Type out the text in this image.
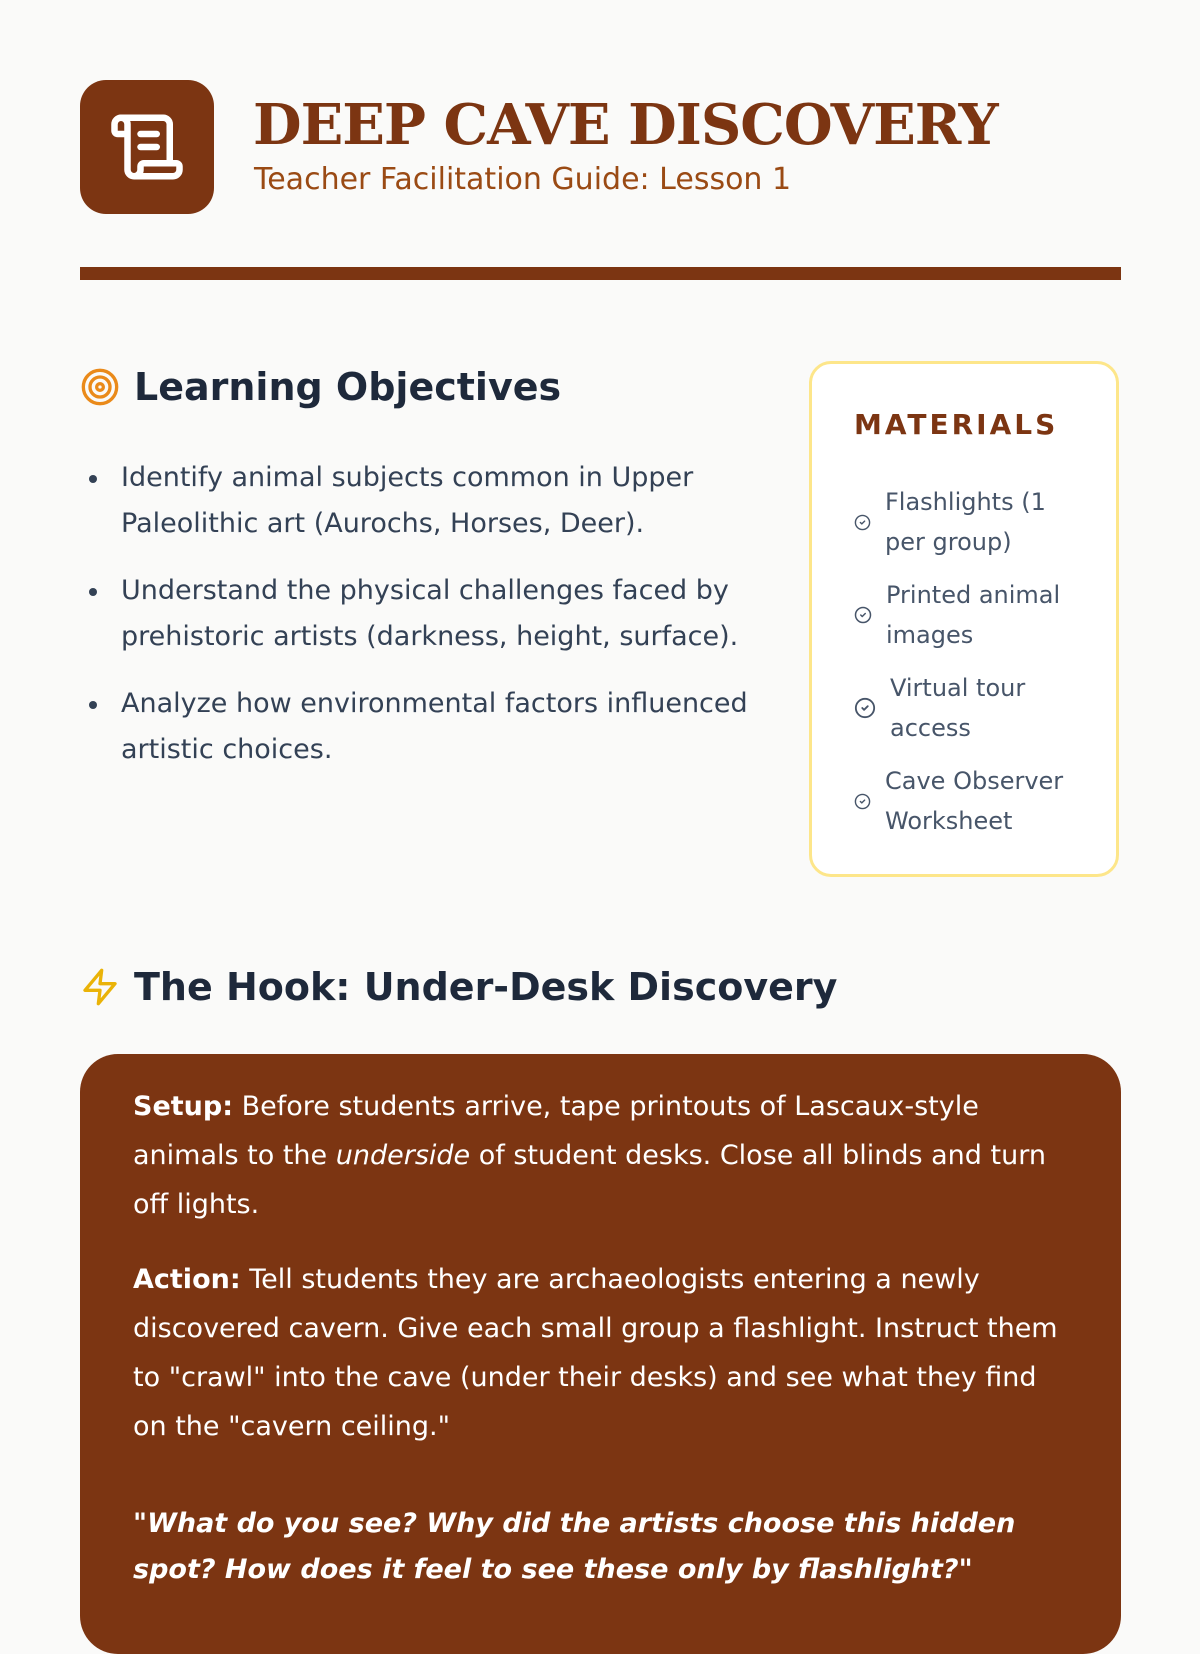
DEEP CAVE DISCOVERY
Teacher Facilitation Guide: Lesson 1
Learning Objectives
Identify animal subjects common in Upper Paleolithic art (Aurochs, Horses, Deer).
Understand the physical challenges faced by prehistoric artists (darkness, height, surface).
Analyze how environmental factors influenced artistic choices.
MATERIALS
Flashlights (1 per group)
Printed animal images
Virtual tour access
Cave Observer Worksheet
The Hook: Under-Desk Discovery

Setup: Before students arrive, tape printouts of Lascaux-style animals to the underside of student desks. Close all blinds and turn off lights.

Action: Tell students they are archaeologists entering a newly discovered cavern. Give each small group a flashlight. Instruct them to "crawl" into the cave (under their desks) and see what they find on the "cavern ceiling."

"What do you see? Why did the artists choose this hidden spot? How does it feel to see these only by flashlight?"
